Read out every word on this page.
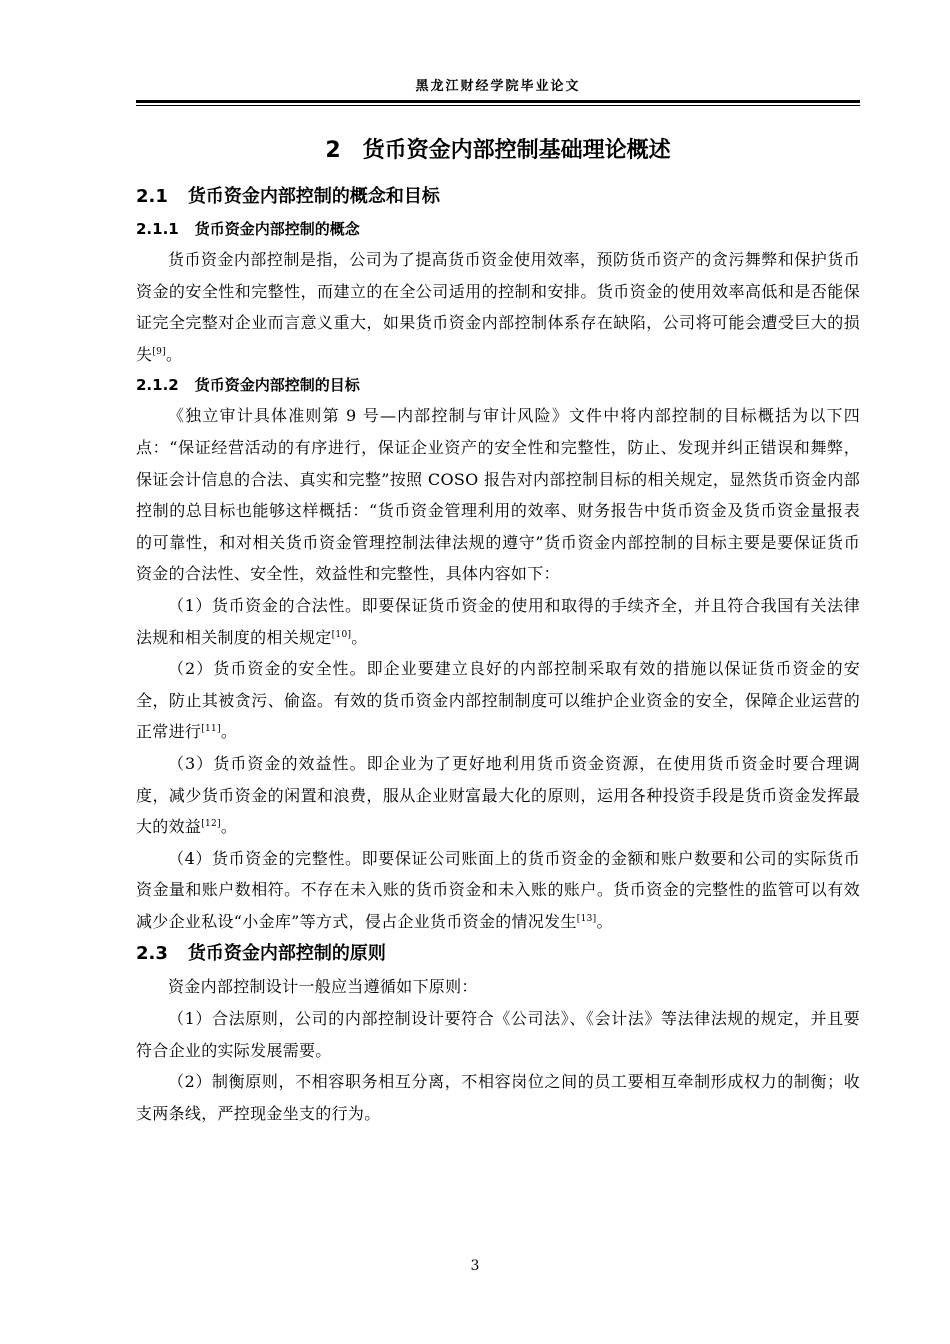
黑龙江财经学院毕业论文
2 货币资金内部控制基础理论概述
2.1 货币资金内部控制的概念和目标
2.1.1 货币资金内部控制的概念

货币资金内部控制是指，公司为了提高货币资金使用效率，预防货币资产的贪污舞弊和保护货币资金的安全性和完整性，而建立的在全公司适用的控制和安排。货币资金的使用效率高低和是否能保证完全完整对企业而言意义重大，如果货币资金内部控制体系存在缺陷，公司将可能会遭受巨大的损失[9]。

2.1.2 货币资金内部控制的目标

《独立审计具体准则第 9 号—内部控制与审计风险》文件中将内部控制的目标概括为以下四点：“保证经营活动的有序进行，保证企业资产的安全性和完整性，防止、发现并纠正错误和舞弊，保证会计信息的合法、真实和完整”按照 COSO 报告对内部控制目标的相关规定，显然货币资金内部控制的总目标也能够这样概括：“货币资金管理利用的效率、财务报告中货币资金及货币资金量报表的可靠性，和对相关货币资金管理控制法律法规的遵守”货币资金内部控制的目标主要是要保证货币资金的合法性、安全性，效益性和完整性，具体内容如下：

（1）货币资金的合法性。即要保证货币资金的使用和取得的手续齐全，并且符合我国有关法律法规和相关制度的相关规定[10]。

（2）货币资金的安全性。即企业要建立良好的内部控制采取有效的措施以保证货币资金的安全，防止其被贪污、偷盗。有效的货币资金内部控制制度可以维护企业资金的安全，保障企业运营的正常进行[11]。

（3）货币资金的效益性。即企业为了更好地利用货币资金资源，在使用货币资金时要合理调度，减少货币资金的闲置和浪费，服从企业财富最大化的原则，运用各种投资手段是货币资金发挥最大的效益[12]。

（4）货币资金的完整性。即要保证公司账面上的货币资金的金额和账户数要和公司的实际货币资金量和账户数相符。不存在未入账的货币资金和未入账的账户。货币资金的完整性的监管可以有效减少企业私设“小金库”等方式，侵占企业货币资金的情况发生[13]。

2.3 货币资金内部控制的原则

资金内部控制设计一般应当遵循如下原则：

（1）合法原则，公司的内部控制设计要符合《公司法》、《会计法》等法律法规的规定，并且要符合企业的实际发展需要。

（2）制衡原则，不相容职务相互分离，不相容岗位之间的员工要相互牵制形成权力的制衡；收支两条线，严控现金坐支的行为。

3
